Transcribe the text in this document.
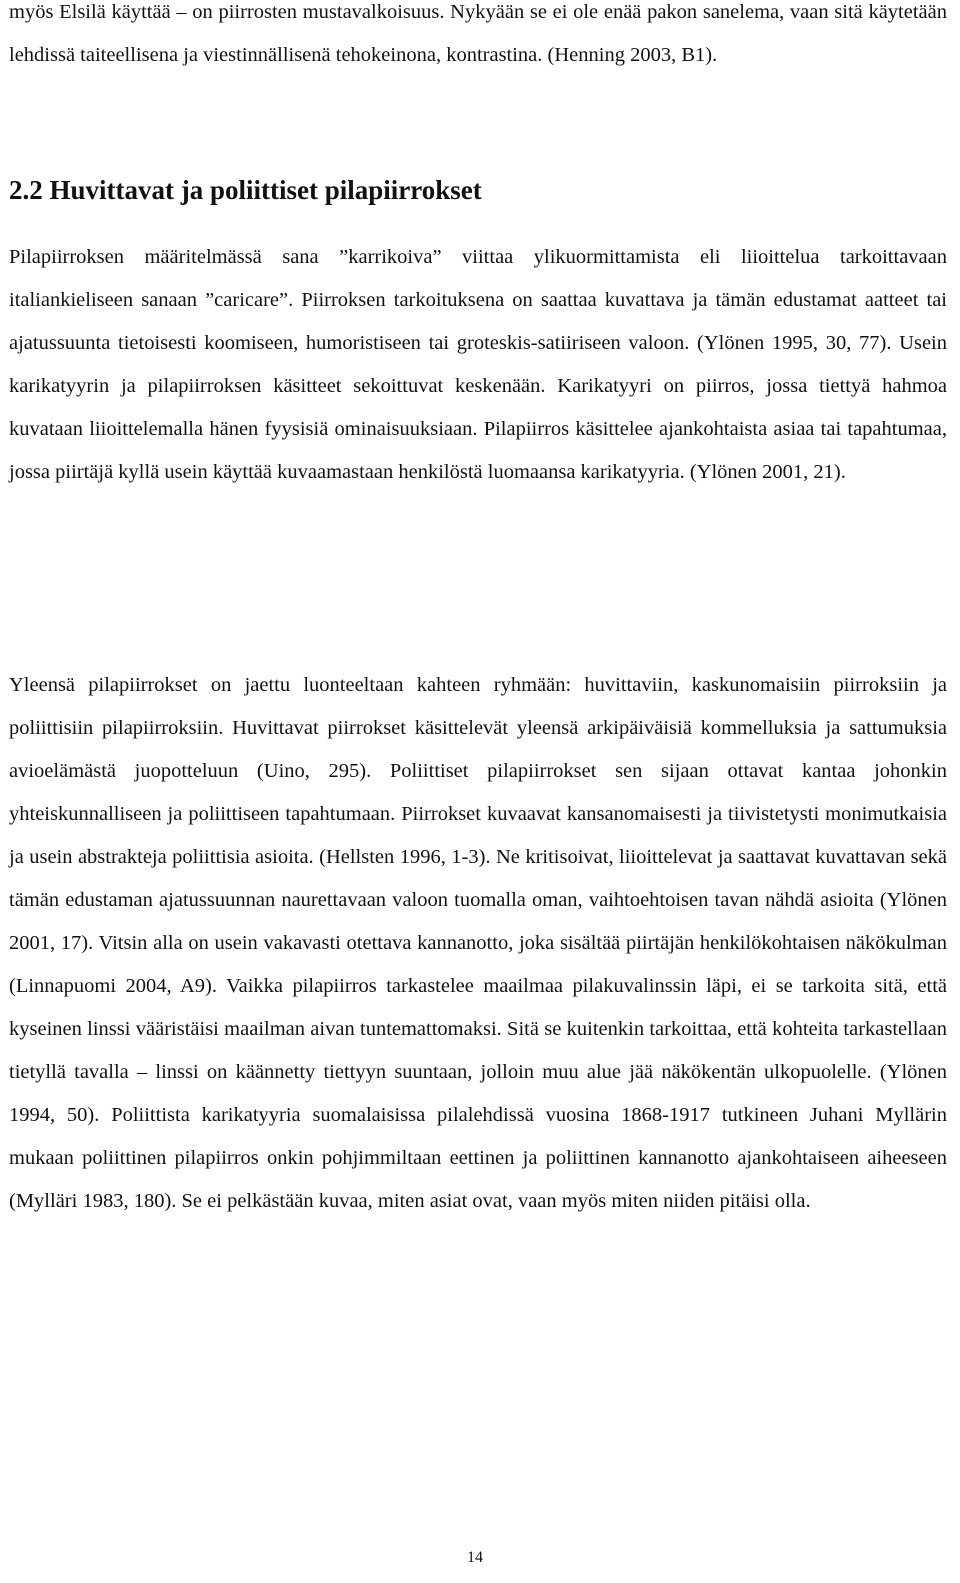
myös Elsilä käyttää – on piirrosten mustavalkoisuus. Nykyään se ei ole enää pakon sanelema, vaan sitä käytetään lehdissä taiteellisena ja viestinnällisenä tehokeinona, kontrastina. (Henning 2003, B1).

2.2 Huvittavat ja poliittiset pilapiirrokset

Pilapiirroksen määritelmässä sana ”karrikoiva” viittaa ylikuormittamista eli liioittelua tarkoittavaan italiankieliseen sanaan ”caricare”. Piirroksen tarkoituksena on saattaa kuvattava ja tämän edustamat aatteet tai ajatussuunta tietoisesti koomiseen, humoristiseen tai groteskis-satiiriseen valoon. (Ylönen 1995, 30, 77). Usein karikatyyrin ja pilapiirroksen käsitteet sekoittuvat keskenään. Karikatyyri on piirros, jossa tiettyä hahmoa kuvataan liioittelemalla hänen fyysisiä ominaisuuksiaan. Pilapiirros käsittelee ajankohtaista asiaa tai tapahtumaa, jossa piirtäjä kyllä usein käyttää kuvaamastaan henkilöstä luomaansa karikatyyria. (Ylönen 2001, 21).

Yleensä pilapiirrokset on jaettu luonteeltaan kahteen ryhmään: huvittaviin, kaskunomaisiin piirroksiin ja poliittisiin pilapiirroksiin. Huvittavat piirrokset käsittelevät yleensä arkipäiväisiä kommelluksia ja sattumuksia avioelämästä juopotteluun (Uino, 295). Poliittiset pilapiirrokset sen sijaan ottavat kantaa johonkin yhteiskunnalliseen ja poliittiseen tapahtumaan. Piirrokset kuvaavat kansanomaisesti ja tiivistetysti monimutkaisia ja usein abstrakteja poliittisia asioita. (Hellsten 1996, 1-3). Ne kritisoivat, liioittelevat ja saattavat kuvattavan sekä tämän edustaman ajatussuunnan naurettavaan valoon tuomalla oman, vaihtoehtoisen tavan nähdä asioita (Ylönen 2001, 17). Vitsin alla on usein vakavasti otettava kannanotto, joka sisältää piirtäjän henkilökohtaisen näkökulman (Linnapuomi 2004, A9). Vaikka pilapiirros tarkastelee maailmaa pilakuvalinssin läpi, ei se tarkoita sitä, että kyseinen linssi vääristäisi maailman aivan tuntemattomaksi. Sitä se kuitenkin tarkoittaa, että kohteita tarkastellaan tietyllä tavalla – linssi on käännetty tiettyyn suuntaan, jolloin muu alue jää näkökentän ulkopuolelle. (Ylönen 1994, 50). Poliittista karikatyyria suomalaisissa pilalehdissä vuosina 1868-1917 tutkineen Juhani Myllärin mukaan poliittinen pilapiirros onkin pohjimmiltaan eettinen ja poliittinen kannanotto ajankohtaiseen aiheeseen (Mylläri 1983, 180). Se ei pelkästään kuvaa, miten asiat ovat, vaan myös miten niiden pitäisi olla.

14
